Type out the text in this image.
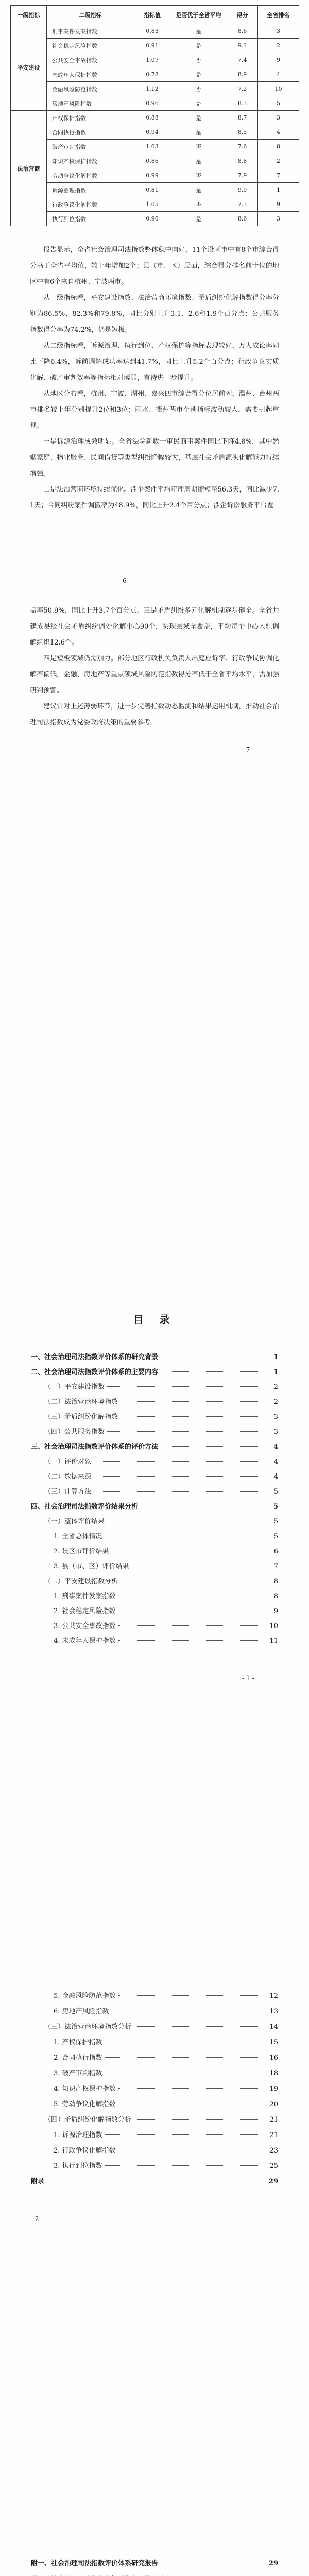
一级指标	二级指标	指标值	是否优于全省平均	得分	全省排名
平安建设	刑事案件发案指数	0.83	是	8.6	3
	社会稳定风险指数	0.91	是	9.1	2
	公共安全事故指数	1.07	否	7.4	9
	未成年人保护指数	0.78	是	8.9	4
	金融风险防范指数	1.12	否	7.2	10
	房地产风险指数	0.96	是	8.3	5
法治营商	产权保护指数	0.88	是	8.7	3
	合同执行指数	0.94	是	8.5	4
	破产审判指数	1.03	否	7.6	8
	知识产权保护指数	0.86	是	8.8	2
	劳动争议化解指数	0.99	否	7.9	7
	诉源治理指数	0.81	是	9.0	1
	行政争议化解指数	1.05	否	7.3	9
	执行到位指数	0.90	是	8.6	3

报告显示，全省社会治理司法指数整体稳中向好，11个设区市中有8个市综合得分高于全省平均值，较上年增加2个；县（市、区）层面，综合得分排名前十位的地区中有6个来自杭州、宁波两市。

从一级指标看，平安建设指数、法治营商环境指数、矛盾纠纷化解指数得分率分别为86.5%、82.3%和79.8%，同比分别上升3.1、2.6和1.9个百分点；公共服务指数得分率为74.2%，仍是短板。

从二级指标看，诉源治理、执行到位、产权保护等指标表现较好，万人成讼率同比下降6.4%，诉前调解成功率达到41.7%，同比上升5.2个百分点；行政争议实质化解、破产审判效率等指标相对薄弱，有待进一步提升。

从地区分布看，杭州、宁波、湖州、嘉兴四市综合得分位居前列，温州、台州两市排名较上年分别提升2位和3位；丽水、衢州两市个别指标波动较大，需要引起重视。

一是诉源治理成效明显。全省法院新收一审民商事案件同比下降4.8%，其中婚姻家庭、物业服务、民间借贷等类型纠纷降幅较大，基层社会矛盾源头化解能力持续增强。

二是法治营商环境持续优化。涉企案件平均审理周期缩短至56.3天，同比减少7.1天；合同纠纷案件调撤率为48.9%，同比上升2.4个百分点；涉企诉讼服务平台覆

- 6 -

盖率50.9%，同比上升3.7个百分点。三是矛盾纠纷多元化解机制逐步健全。全省共建成县级社会矛盾纠纷调处化解中心90个，实现县域全覆盖，平均每个中心入驻调解组织12.6个。

四是短板领域仍需加力。部分地区行政机关负责人出庭应诉率、行政争议协调化解率偏低，金融、房地产等重点领域风险防范指数得分率低于全省平均水平，需加强研判预警。

建议针对上述薄弱环节，进一步完善指数动态监测和结果运用机制，推动社会治理司法指数成为党委政府决策的重要参考。

- 7 -
目 录
一、社会治理司法指数评价体系的研究背景	1
二、社会治理司法指数评价体系的主要内容	1
（一）平安建设指数	2
（二）法治营商环境指数	2
（三）矛盾纠纷化解指数	3
（四）公共服务指数	3
三、社会治理司法指数评价体系的评价方法	4
（一）评价对象	4
（二）数据来源	4
（三）计算方法	5
四、社会治理司法指数评价结果分析	5
（一）整体评价结果	5
1. 全省总体情况	5
2. 设区市评价结果	6
3. 县（市、区）评价结果	7
（二）平安建设指数分析	8
1. 刑事案件发案指数	8
2. 社会稳定风险指数	9
3. 公共安全事故指数	10
4. 未成年人保护指数	11
- 1 -
5. 金融风险防范指数	12
6. 房地产风险指数	13
（三）法治营商环境指数分析	14
1. 产权保护指数	15
2. 合同执行指数	16
3. 破产审判指数	18
4. 知识产权保护指数	19
5. 劳动争议化解指数	20
（四）矛盾纠纷化解指数分析	21
1. 诉源治理指数	21
2. 行政争议化解指数	23
3. 执行到位指数	25
附录	29
- 2 -
附一、社会治理司法指数评价体系研究报告	29
